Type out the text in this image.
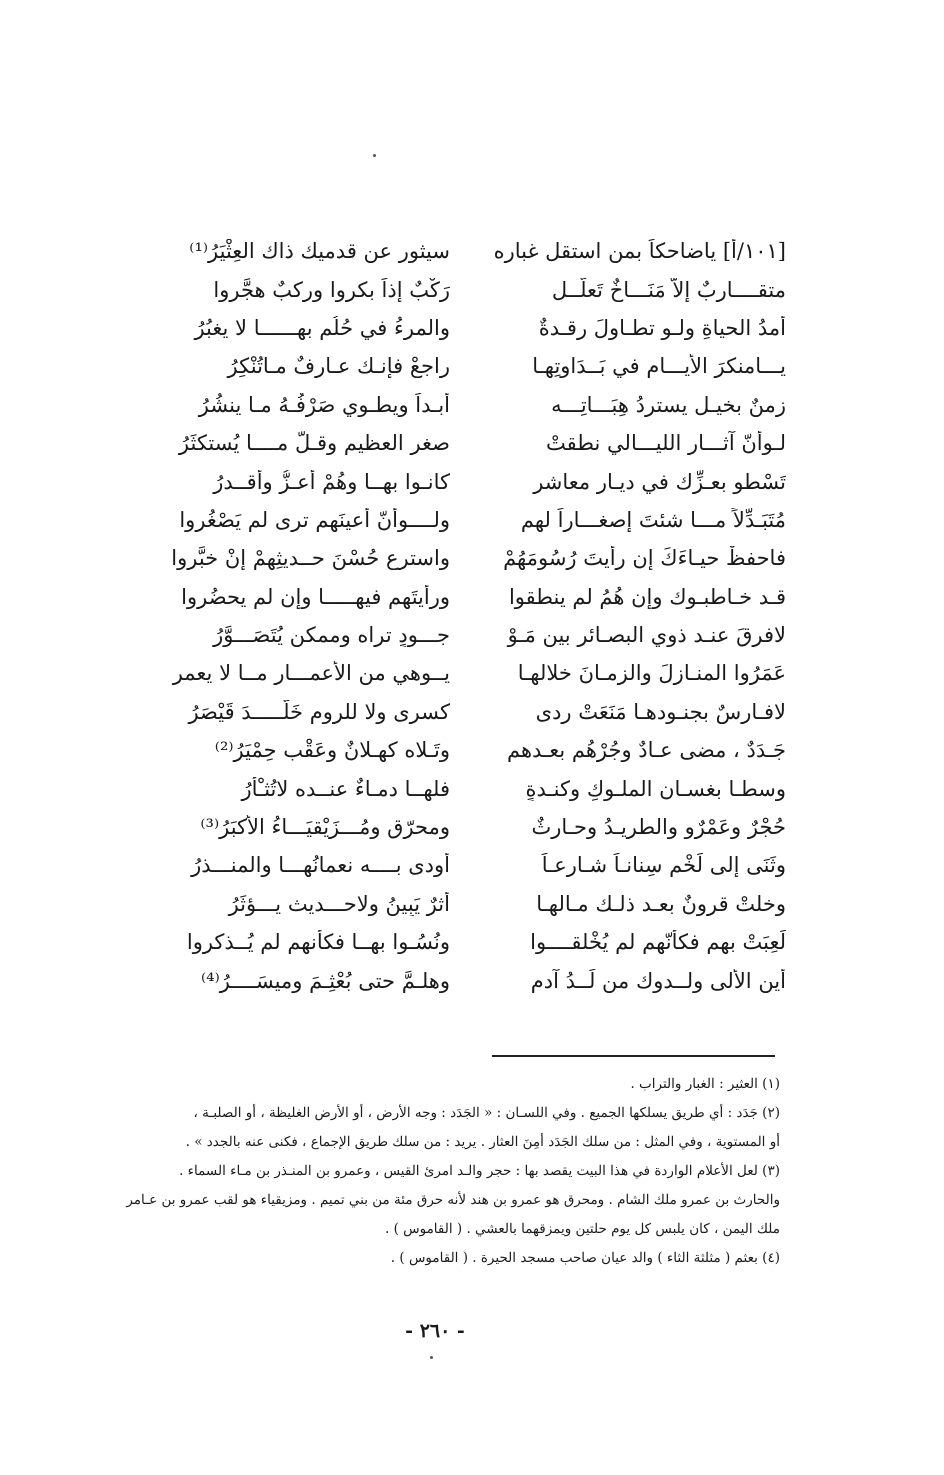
[١٠١/أ] ياضاحكاً بمن استقل غباره
سيثور عن قدميك ذاك العِثْيَرُ⁽¹⁾
متقــــاربٌ إلاَّ مَنَـــاخٌ تَعلُّــلٍ
رَكْبٌ إذاً بكروا وركبٌ هجَّروا
أمدُ الحياةِ ولـو تطـاولَ رقـدةٌ
والمرءُ في حُلُمٍ بهــــــا لا يغبُرُ
يـــامنكرَ الأيـــام في بَــدَاوتِهـا
راجعْ فإنـك عـارفٌ مـاتُنْكِرُ
زمنٌ بخيـل يستردُ هِبَـــاتِـــه
أبـداً ويطـوي صَرْفُـهُ مـا ينشُرُ
لـوأنّ آثـــار الليـــالي نطقتْ
صغر العظيم وقـلَّ مــــا يُستكثَرُ
تَسْطو بعـزِّك في ديـار معاشرٍ
كانـوا بهــا وهُمْ أعـزُّ وأقــدرُ
مُتَبَـدِّلاً مـــا شئتَ إصغـــاراً لهم
ولــــوأنّ أعينَهم ترى لم يَصْغُروا
فاحفظْ حيـاءَكَ إن رأيتَ رُسُومَهُمْ
واسترع حُسْنَ حــديثِهِمْ إنْ خبَّروا
قـد خـاطبـوك وإن هُمُ لم ينطقوا
ورأيتَهم فيهـــــا وإن لم يحضُروا
لافرقَ عنـد ذوي البصـائر بين مَـوْ
جـــودٍ تراه وممكنٍ يُتَصَـــوَّرُ
عَمَرُوا المنـازلَ والزمـانَ خلالهـا
يــوهي من الأعمـــار مــا لا يعمر
لافـارسٌ بجنـودهـا مَنَعَتْ ردى
كسرى ولا للروم خَلَّـــــدَ قَيْصَرُ
جَـدَدٌ ، مضى عـادٌ وجُرْهُم بعـدهم
وتَـلاه كهـلانٌ وعَقْب حِمْيَرُ⁽²⁾
وسطـا بغسـان الملـوكِ وكنـدةٍ
فلهــا دمـاءٌ عنــده لاتُثـْأَرُ
حُجْرٌ وعَمْرٌو والطريـدُ وحـارثٌ
ومحرّق ومُـــزَيْقيَـــاءُ الأكبَرُ⁽³⁾
وثَنَى إلى لَخْمٍ سِنانـاً شـارعـاً
أودى بــــه نعمانُهـــا والمنـــذرُ
وخلتْ قرونٌ بعـد ذلـك مـالهـا
أثرٌ يَبِينُ ولاحـــديث يـــؤثَرُ
لَعِبَتْ بهم فكأنّهم لم يُخْلقــــوا
ونُسُـوا بهــا فكأنهم لم يُــذكروا
أين الأُلى ولــدوك من لَــدُ آدمٍ
وهلـمَّ حتى بُعْثِـمَ وميسَــــرُ⁽⁴⁾
(١) العثير : الغبار والتراب .
(٢) جَدَد : أي طريق يسلكها الجميع . وفي اللسـان : « الجَدَد : وجه الأرض ، أو الأرض الغليظة ، أو الصلبـة ،
أو المستوية ، وفي المثل : من سلك الجَدَد أمِنَ العثار . يريد : من سلك طريق الإجماع ، فكنى عنه بالجدد » .
(٣) لعل الأعلام الواردة في هذا البيت يقصد بها : حجر والـد امرئ القيس ، وعمرو بن المنـذر بن مـاء السماء .
والحارث بن عمرو ملك الشام . ومحرق هو عمرو بن هند لأنه حرق مئة من بني تميم . ومزيقياء هو لقب عمرو بن عـامر
ملك اليمن ، كان يلبس كل يوم حلتين ويمزقهما بالعشي . ( القاموس ) .
(٤) بعثم ( مثلثة الثاء ) والد عيان صاحب مسجد الحيرة . ( القاموس ) .
- ٢٦٠ -
